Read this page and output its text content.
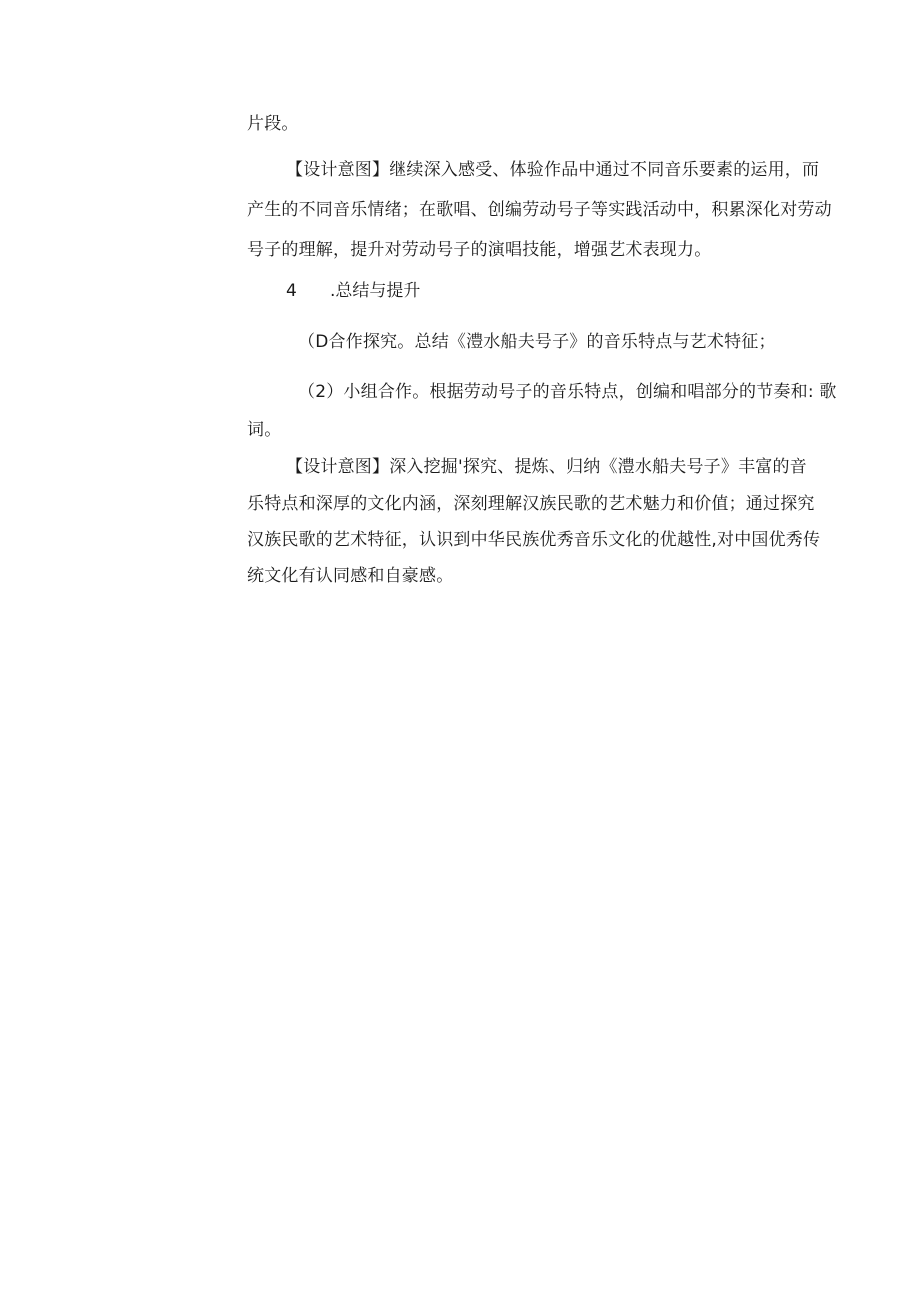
片段。
【设计意图】继续深入感受、体验作品中通过不同音乐要素的运用，而
产生的不同音乐情绪；在歌唱、创编劳动号子等实践活动中，积累深化对劳动
号子的理解，提升对劳动号子的演唱技能，增强艺术表现力。
4 .总结与提升
（D合作探究。总结《澧水船夫号子》的音乐特点与艺术特征；
（2）小组合作。根据劳动号子的音乐特点，创编和唱部分的节奏和: 歌
词。
【设计意图】深入挖掘'探究、提炼、归纳《澧水船夫号子》丰富的音
乐特点和深厚的文化内涵，深刻理解汉族民歌的艺术魅力和价值；通过探究
汉族民歌的艺术特征，认识到中华民族优秀音乐文化的优越性,对中国优秀传
统文化有认同感和自豪感。
